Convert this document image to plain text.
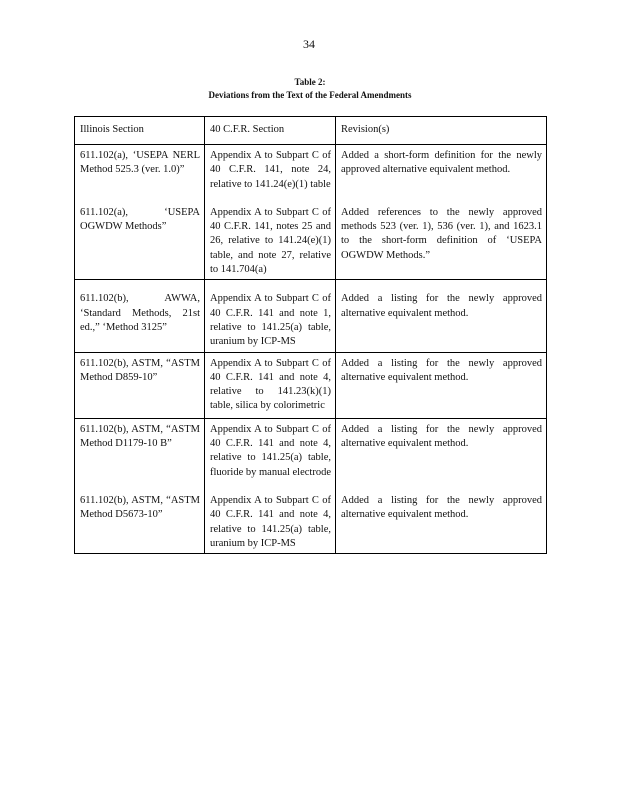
34
Table 2:
Deviations from the Text of the Federal Amendments
Illinois Section	40 C.F.R. Section	Revision(s)
611.102(a), ‘USEPA NERL Method 525.3 (ver. 1.0)”	Appendix A to Subpart C of 40 C.F.R. 141, note 24, relative to 141.24(e)(1) table	Added a short-form definition for the newly approved alternative equivalent method.
611.102(a), ‘USEPA OGWDW Methods”	Appendix A to Subpart C of 40 C.F.R. 141, notes 25 and 26, relative to 141.24(e)(1) table, and note 27, relative to 141.704(a)	Added references to the newly approved methods 523 (ver. 1), 536 (ver. 1), and 1623.1 to the short-form definition of ‘USEPA OGWDW Methods.”
611.102(b), AWWA, ‘Standard Methods, 21st ed.,” ‘Method 3125”	Appendix A to Subpart C of 40 C.F.R. 141 and note 1, relative to 141.25(a) table, uranium by ICP-MS	Added a listing for the newly approved alternative equivalent method.
611.102(b), ASTM, “ASTM Method D859-10”	Appendix A to Subpart C of 40 C.F.R. 141 and note 4, relative to 141.23(k)(1) table, silica by colorimetric	Added a listing for the newly approved alternative equivalent method.
611.102(b), ASTM, “ASTM Method D1179-10 B”	Appendix A to Subpart C of 40 C.F.R. 141 and note 4, relative to 141.25(a) table, fluoride by manual electrode	Added a listing for the newly approved alternative equivalent method.
611.102(b), ASTM, “ASTM Method D5673-10”	Appendix A to Subpart C of 40 C.F.R. 141 and note 4, relative to 141.25(a) table, uranium by ICP-MS	Added a listing for the newly approved alternative equivalent method.
